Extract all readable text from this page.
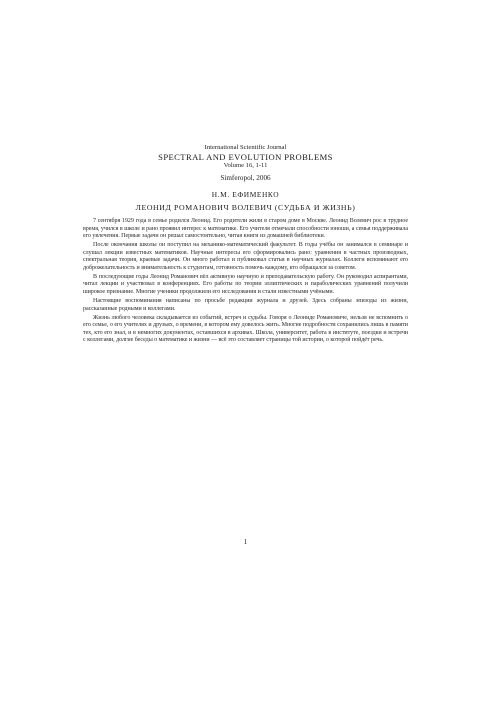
International Scientific Journal
SPECTRAL AND EVOLUTION PROBLEMS
Volume 16, 1-11
Simferopol, 2006
Н.М. ЕФИМЕНКО
ЛЕОНИД РОМАНОВИЧ ВОЛЕВИЧ (СУДЬБА И ЖИЗНЬ)

7 сентября 1929 года в семье родился Леонид. Его родители жили в старом доме в Москве. Леонид Волевич рос в трудное время, учился в школе и рано проявил интерес к математике. Его учителя отмечали способности юноши, а семья поддерживала его увлечения. Первые задачи он решал самостоятельно, читая книги из домашней библиотеки.

После окончания школы он поступил на механико-математический факультет. В годы учёбы он занимался в семинаре и слушал лекции известных математиков. Научные интересы его сформировались рано: уравнения в частных производных, спектральная теория, краевые задачи. Он много работал и публиковал статьи в научных журналах. Коллеги вспоминают его доброжелательность и внимательность к студентам, готовность помочь каждому, кто обращался за советом.

В последующие годы Леонид Романович вёл активную научную и преподавательскую работу. Он руководил аспирантами, читал лекции и участвовал в конференциях. Его работы по теории эллиптических и параболических уравнений получили широкое признание. Многие ученики продолжили его исследования и стали известными учёными.

Настоящие воспоминания написаны по просьбе редакции журнала и друзей. Здесь собраны эпизоды из жизни, рассказанные родными и коллегами.

Жизнь любого человека складывается из событий, встреч и судьбы. Говоря о Леониде Романовиче, нельзя не вспомнить о его семье, о его учителях и друзьях, о времени, в котором ему довелось жить. Многие подробности сохранились лишь в памяти тех, кто его знал, и в немногих документах, оставшихся в архивах. Школа, университет, работа в институте, поездки и встречи с коллегами, долгие беседы о математике и жизни — всё это составляет страницы той истории, о которой пойдёт речь.

1
